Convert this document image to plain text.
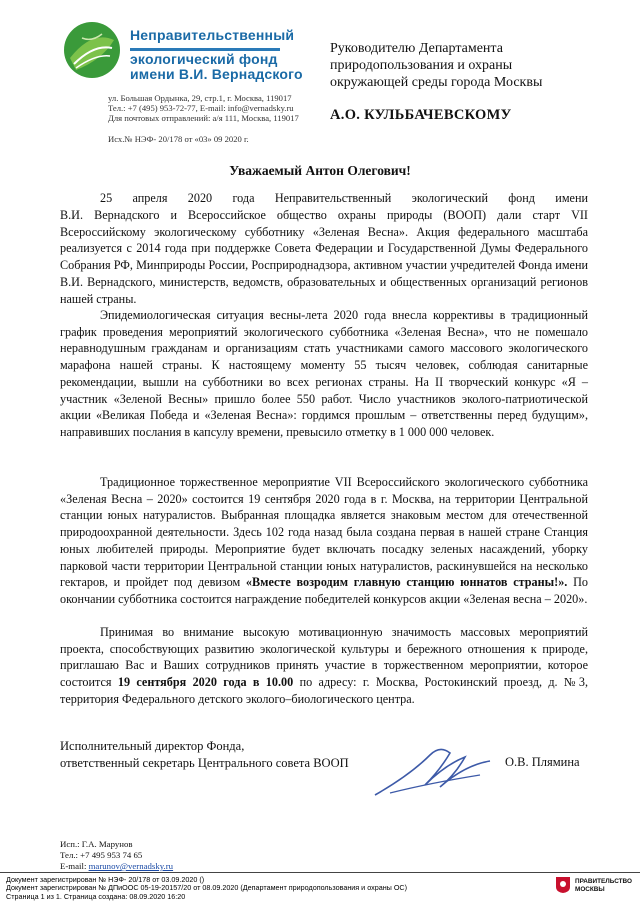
Неправительственный
экологический фонд
имени В.И. Вернадского
ул. Большая Ордынка, 29, стр.1, г. Москва, 119017
Тел.: +7 (495) 953-72-77, E-mail: info@vernadsky.ru
Для почтовых отправлений: а/я 111, Москва, 119017
Исх.№ НЭФ- 20/178 от «03» 09 2020 г.
Руководителю Департамента
природопользования и охраны
окружающей среды города Москвы
А.О. КУЛЬБАЧЕВСКОМУ
Уважаемый Антон Олегович!
25 апреля 2020 года Неправительственный экологический фонд имени

В.И. Вернадского и Всероссийское общество охраны природы (ВООП) дали старт VII Всероссийскому экологическому субботнику «Зеленая Весна». Акция федерального масштаба реализуется с 2014 года при поддержке Совета Федерации и Государственной Думы Федерального Собрания РФ, Минприроды России, Росприроднадзора, активном участии учредителей Фонда имени В.И. Вернадского, министерств, ведомств, образовательных и общественных организаций регионов нашей страны.

Эпидемиологическая ситуация весны-лета 2020 года внесла коррективы в традиционный график проведения мероприятий экологического субботника «Зеленая Весна», что не помешало неравнодушным гражданам и организациям стать участниками самого массового экологического марафона нашей страны. К настоящему моменту 55 тысяч человек, соблюдая санитарные рекомендации, вышли на субботники во всех регионах страны. На II творческий конкурс «Я – участник «Зеленой Весны» пришло более 550 работ. Число участников эколого-патриотической акции «Великая Победа и «Зеленая Весна»: гордимся прошлым – ответственны перед будущим», направивших послания в капсулу времени, превысило отметку в 1 000 000 человек.

Традиционное торжественное мероприятие VII Всероссийского экологического субботника «Зеленая Весна – 2020» состоится 19 сентября 2020 года в г. Москва, на территории Центральной станции юных натуралистов. Выбранная площадка является знаковым местом для отечественной природоохранной деятельности. Здесь 102 года назад была создана первая в нашей стране Станция юных любителей природы. Мероприятие будет включать посадку зеленых насаждений, уборку парковой части территории Центральной станции юных натуралистов, раскинувшейся на несколько гектаров, и пройдет под девизом «Вместе возродим главную станцию юннатов страны!». По окончании субботника состоится награждение победителей конкурсов акции «Зеленая весна – 2020».

Принимая во внимание высокую мотивационную значимость массовых мероприятий проекта, способствующих развитию экологической культуры и бережного отношения к природе, приглашаю Вас и Ваших сотрудников принять участие в торжественном мероприятии, которое состоится 19 сентября 2020 года в 10.00 по адресу: г. Москва, Ростокинский проезд, д. №3, территория Федерального детского эколого–биологического центра.

Исполнительный директор Фонда,
ответственный секретарь Центрального совета ВООП	О.В. Плямина
Исп.: Г.А. Марунов
Тел.: +7 495 953 74 65
E-mail: marunov@vernadsky.ru
Документ зарегистрирован № НЭФ- 20/178 от 03.09.2020 ()
Документ зарегистрирован № ДПиООС 05-19-20157/20 от 08.09.2020 (Департамент природопользования и охраны ОС)
Страница 1 из 1. Страница создана: 08.09.2020 16:20
ПРАВИТЕЛЬСТВО
МОСКВЫ
